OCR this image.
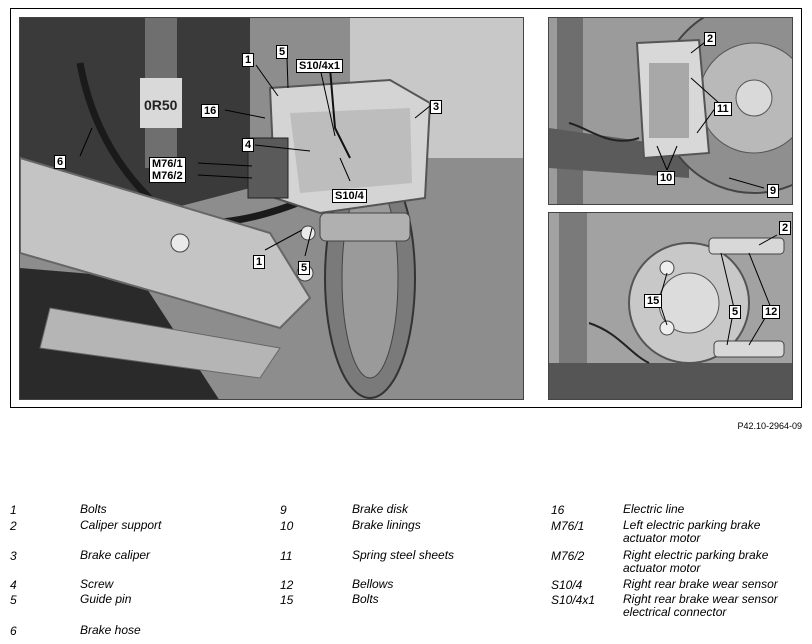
0R50
1
5
S10/4x1
3
16
6
4
M76/1
M76/2
S10/4
1	5
2
11
10
9
2
15
5 12
P42.10-2964-09
1	Bolts
2	Caliper support
3	Brake caliper
4	Screw
5	Guide pin
6	Brake hose
9	Brake disk
10	Brake linings
11	Spring steel sheets
12	Bellows
15	Bolts
16	Electric line
M76/1	Left electric parking brake actuator motor
M76/2	Right electric parking brake actuator motor
S10/4	Right rear brake wear sensor
S10/4x1 Right rear brake wear sensor electrical connector
